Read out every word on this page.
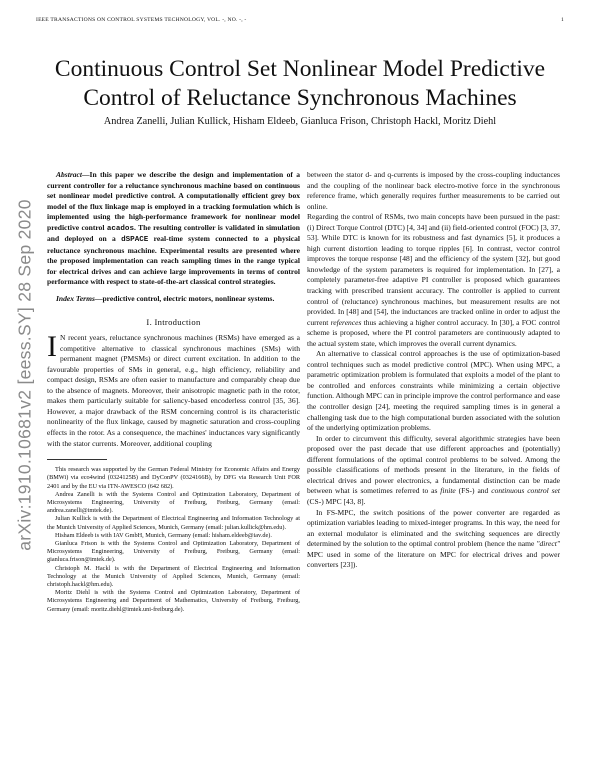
IEEE TRANSACTIONS ON CONTROL SYSTEMS TECHNOLOGY, VOL. -, NO. -, -	1
arXiv:1910.10681v2 [eess.SY] 28 Sep 2020
Continuous Control Set Nonlinear Model Predictive Control of Reluctance Synchronous Machines
Andrea Zanelli, Julian Kullick, Hisham Eldeeb, Gianluca Frison, Christoph Hackl, Moritz Diehl

Abstract—In this paper we describe the design and implementation of a current controller for a reluctance synchronous machine based on continuous set nonlinear model predictive control. A computationally efficient grey box model of the flux linkage map is employed in a tracking formulation which is implemented using the high-performance framework for nonlinear model predictive control acados. The resulting controller is validated in simulation and deployed on a dSPACE real-time system connected to a physical reluctance synchronous machine. Experimental results are presented where the proposed implementation can reach sampling times in the range typical for electrical drives and can achieve large improvements in terms of control performance with respect to state-of-the-art classical control strategies.

Index Terms—predictive control, electric motors, nonlinear systems.

I. Introduction

I N recent years, reluctance synchronous machines (RSMs) have emerged as a competitive alternative to classical synchronous machines (SMs) with permanent magnet (PMSMs) or direct current excitation. In addition to the favourable properties of SMs in general, e.g., high efficiency, reliability and compact design, RSMs are often easier to manufacture and comparably cheap due to the absence of magnets. Moreover, their anisotropic magnetic path in the rotor, makes them particularly suitable for saliency-based encoderless control [35, 36]. However, a major drawback of the RSM concerning control is its characteristic nonlinearity of the flux linkage, caused by magnetic saturation and cross-coupling effects in the rotor. As a consequence, the machines' inductances vary significantly with the stator currents. Moreover, additional coupling

This research was supported by the German Federal Ministry for Economic Affairs and Energy (BMWi) via eco4wind (0324125B) and DyConPV (0324166B), by DFG via Research Unit FOR 2401 and by the EU via ITN-AWESCO (642 682).

Andrea Zanelli is with the Systems Control and Optimization Laboratory, Department of Microsystems Engineering, University of Freiburg, Freiburg, Germany (email: andrea.zanelli@imtek.de).

Julian Kullick is with the Department of Electrical Engineering and Information Technology at the Munich University of Applied Sciences, Munich, Germany (email: julian.kullick@hm.edu).

Hisham Eldeeb is with IAV GmbH, Munich, Germany (email: hisham.eldeeb@iav.de).

Gianluca Frison is with the Systems Control and Optimization Laboratory, Department of Microsystems Engineering, University of Freiburg, Freiburg, Germany (email: gianluca.frison@imtek.de).

Christoph M. Hackl is with the Department of Electrical Engineering and Information Technology at the Munich University of Applied Sciences, Munich, Germany (email: christoph.hackl@hm.edu).

Moritz Diehl is with the Systems Control and Optimization Laboratory, Department of Microsystems Engineering and Department of Mathematics, University of Freiburg, Freiburg, Germany (email: moritz.diehl@imtek.uni-freiburg.de).

between the stator d- and q-currents is imposed by the cross-coupling inductances and the coupling of the nonlinear back electro-motive force in the synchronous reference frame, which generally requires further measurements to be carried out online.

Regarding the control of RSMs, two main concepts have been pursued in the past: (i) Direct Torque Control (DTC) [4, 34] and (ii) field-oriented control (FOC) [3, 37, 53]. While DTC is known for its robustness and fast dynamics [5], it produces a high current distortion leading to torque ripples [6]. In contrast, vector control improves the torque response [48] and the efficiency of the system [32], but good knowledge of the system parameters is required for implementation. In [27], a completely parameter-free adaptive PI controller is proposed which guarantees tracking with prescribed transient accuracy. The controller is applied to current control of (reluctance) synchronous machines, but measurement results are not provided. In [48] and [54], the inductances are tracked online in order to adjust the current references thus achieving a higher control accuracy. In [30], a FOC control scheme is proposed, where the PI control parameters are continuously adapted to the actual system state, which improves the overall current dynamics.

An alternative to classical control approaches is the use of optimization-based control techniques such as model predictive control (MPC). When using MPC, a parametric optimization problem is formulated that exploits a model of the plant to be controlled and enforces constraints while minimizing a certain objective function. Although MPC can in principle improve the control performance and ease the controller design [24], meeting the required sampling times is in general a challenging task due to the high computational burden associated with the solution of the underlying optimization problems.

In order to circumvent this difficulty, several algorithmic strategies have been proposed over the past decade that use different approaches and (potentially) different formulations of the optimal control problems to be solved. Among the possible classifications of methods present in the literature, in the fields of electrical drives and power electronics, a fundamental distinction can be made between what is sometimes referred to as finite (FS-) and continuous control set (CS-) MPC [43, 8].

In FS-MPC, the switch positions of the power converter are regarded as optimization variables leading to mixed-integer programs. In this way, the need for an external modulator is eliminated and the switching sequences are directly determined by the solution to the optimal control problem (hence the name "direct" MPC used in some of the literature on MPC for electrical drives and power converters [23]).
